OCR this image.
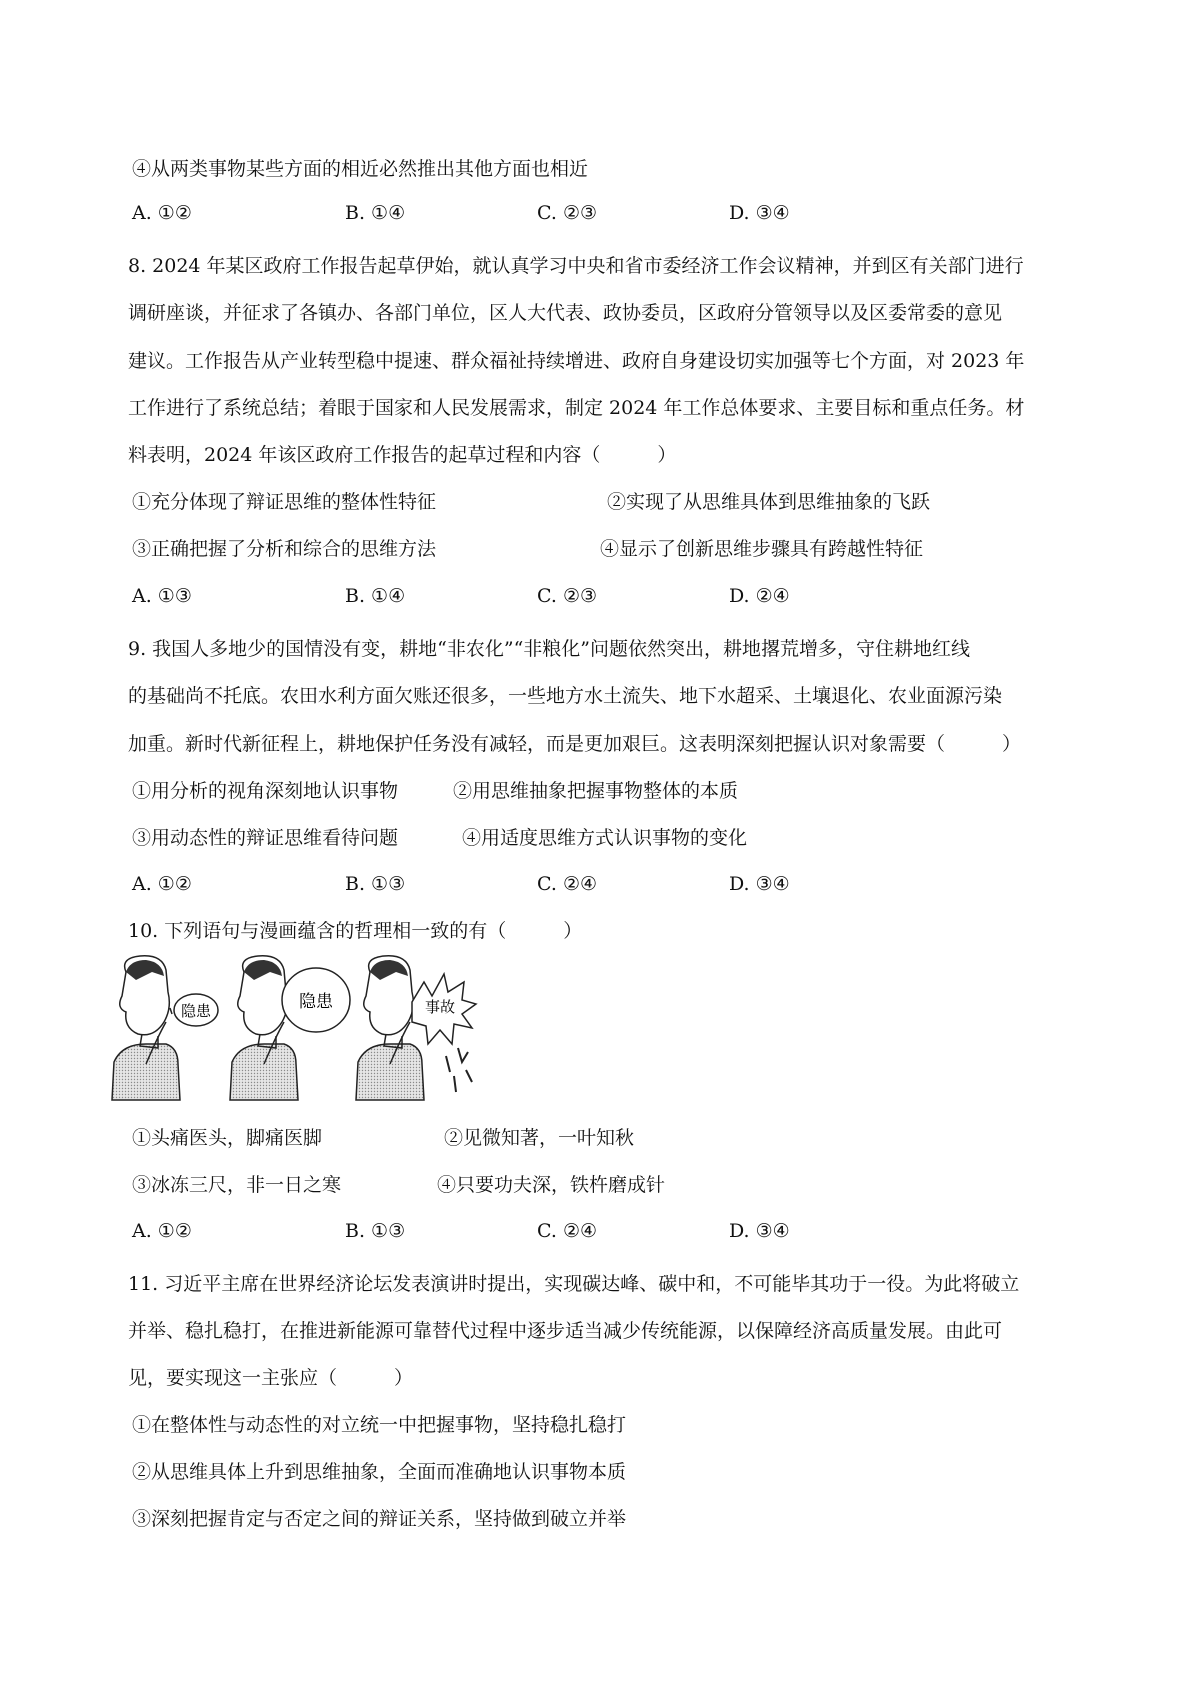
④从两类事物某些方面的相近必然推出其他方面也相近
A. ①②	B. ①④	C. ②③	D. ③④
8. 2024 年某区政府工作报告起草伊始，就认真学习中央和省市委经济工作会议精神，并到区有关部门进行
调研座谈，并征求了各镇办、各部门单位，区人大代表、政协委员，区政府分管领导以及区委常委的意见
建议。工作报告从产业转型稳中提速、群众福祉持续增进、政府自身建设切实加强等七个方面，对 2023 年
工作进行了系统总结；着眼于国家和人民发展需求，制定 2024 年工作总体要求、主要目标和重点任务。材
料表明，2024 年该区政府工作报告的起草过程和内容（　　　）
①充分体现了辩证思维的整体性特征	②实现了从思维具体到思维抽象的飞跃
③正确把握了分析和综合的思维方法	④显示了创新思维步骤具有跨越性特征
A. ①③	B. ①④	C. ②③	D. ②④
9. 我国人多地少的国情没有变，耕地“非农化”“非粮化”问题依然突出，耕地撂荒增多，守住耕地红线
的基础尚不托底。农田水利方面欠账还很多，一些地方水土流失、地下水超采、土壤退化、农业面源污染
加重。新时代新征程上，耕地保护任务没有减轻，而是更加艰巨。这表明深刻把握认识对象需要（　　　）
①用分析的视角深刻地认识事物	②用思维抽象把握事物整体的本质
③用动态性的辩证思维看待问题	④用适度思维方式认识事物的变化
A. ①②	B. ①③	C. ②④	D. ③④
10. 下列语句与漫画蕴含的哲理相一致的有（　　　）
隐患	隐患	事故
①头痛医头，脚痛医脚	②见微知著，一叶知秋
③冰冻三尺，非一日之寒	④只要功夫深，铁杵磨成针
A. ①②	B. ①③	C. ②④	D. ③④
11. 习近平主席在世界经济论坛发表演讲时提出，实现碳达峰、碳中和，不可能毕其功于一役。为此将破立
并举、稳扎稳打，在推进新能源可靠替代过程中逐步适当减少传统能源，以保障经济高质量发展。由此可
见，要实现这一主张应（　　　）
①在整体性与动态性的对立统一中把握事物，坚持稳扎稳打
②从思维具体上升到思维抽象，全面而准确地认识事物本质
③深刻把握肯定与否定之间的辩证关系，坚持做到破立并举
